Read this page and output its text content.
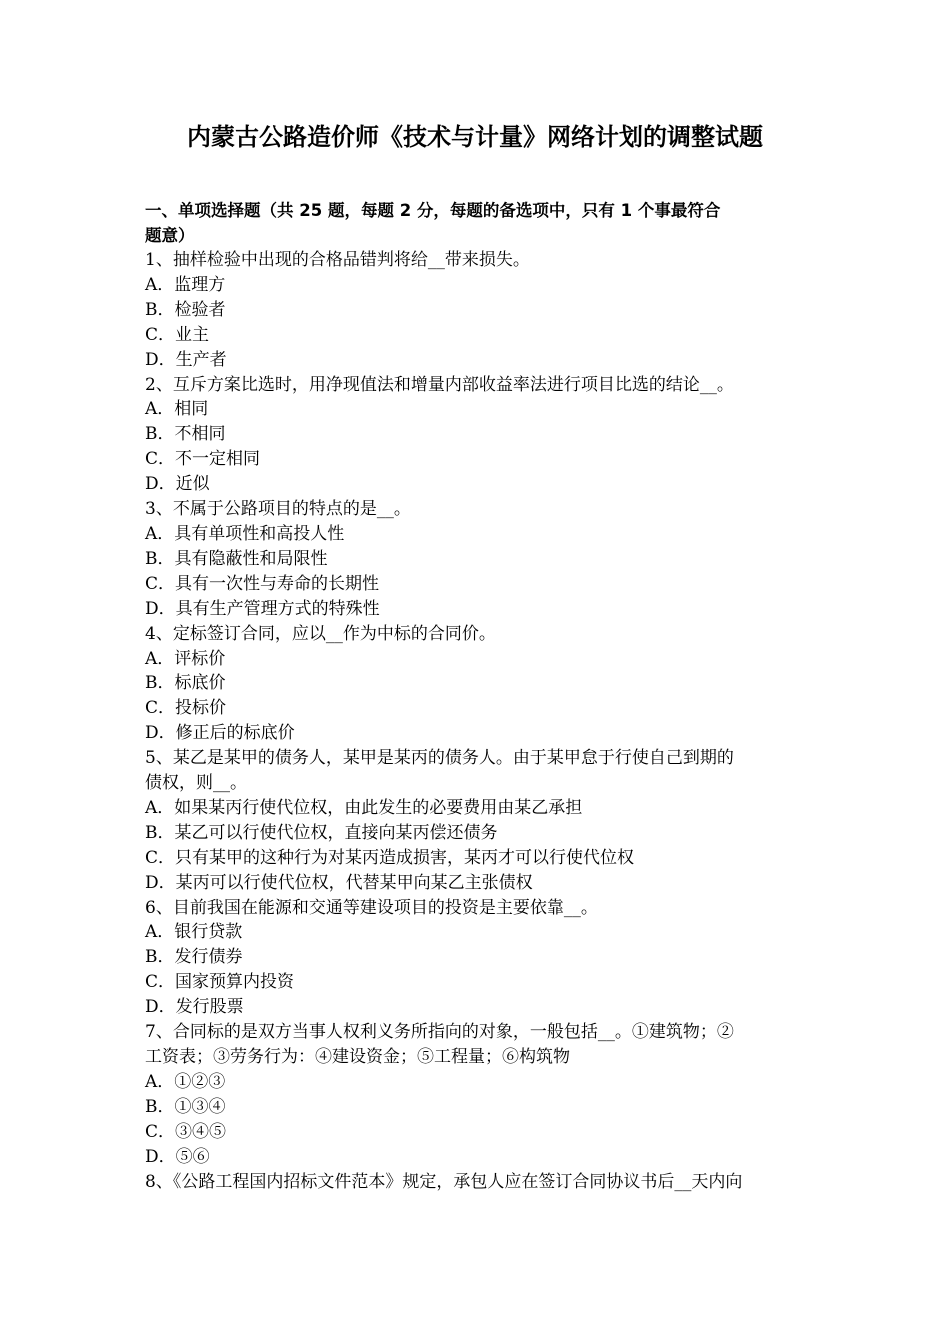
内蒙古公路造价师《技术与计量》网络计划的调整试题
一、单项选择题（共 25 题，每题 2 分，每题的备选项中，只有 1 个事最符合
题意）
1、抽样检验中出现的合格品错判将给__带来损失。
A．监理方
B．检验者
C．业主
D．生产者
2、互斥方案比选时，用净现值法和增量内部收益率法进行项目比选的结论__。
A．相同
B．不相同
C．不一定相同
D．近似
3、不属于公路项目的特点的是__。
A．具有单项性和高投人性
B．具有隐蔽性和局限性
C．具有一次性与寿命的长期性
D．具有生产管理方式的特殊性
4、定标签订合同，应以__作为中标的合同价。
A．评标价
B．标底价
C．投标价
D．修正后的标底价
5、某乙是某甲的债务人，某甲是某丙的债务人。由于某甲怠于行使自己到期的
债权，则__。
A．如果某丙行使代位权，由此发生的必要费用由某乙承担
B．某乙可以行使代位权，直接向某丙偿还债务
C．只有某甲的这种行为对某丙造成损害，某丙才可以行使代位权
D．某丙可以行使代位权，代替某甲向某乙主张债权
6、目前我国在能源和交通等建设项目的投资是主要依靠__。
A．银行贷款
B．发行债券
C．国家预算内投资
D．发行股票
7、合同标的是双方当事人权利义务所指向的对象，一般包括__。①建筑物；②
工资表；③劳务行为：④建设资金；⑤工程量；⑥构筑物
A．①②③
B．①③④
C．③④⑤
D．⑤⑥
8、《公路工程国内招标文件范本》规定，承包人应在签订合同协议书后__天内向
